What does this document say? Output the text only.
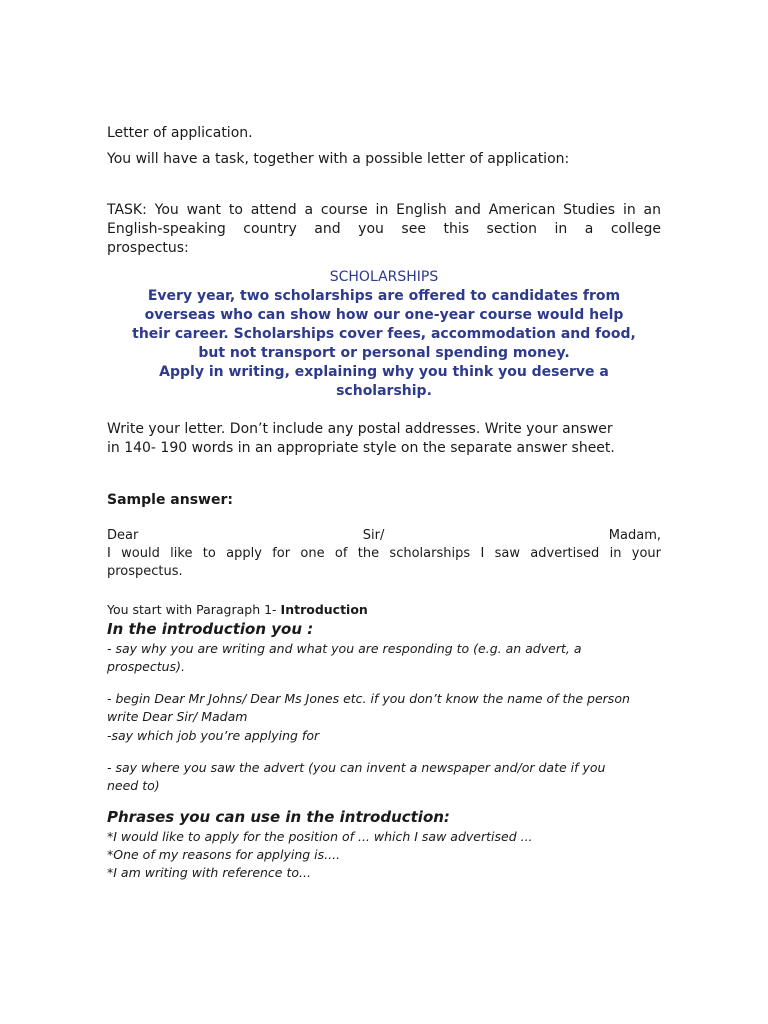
Letter of application.

You will have a task, together with a possible letter of application:

TASK: You want to attend a course in English and American Studies in an

English-speaking country and you see this section in a college

prospectus:

SCHOLARSHIPS

Every year, two scholarships are offered to candidates from

overseas who can show how our one-year course would help

their career. Scholarships cover fees, accommodation and food,

but not transport or personal spending money.

Apply in writing, explaining why you think you deserve a

scholarship.

Write your letter. Don’t include any postal addresses. Write your answer

in 140- 190 words in an appropriate style on the separate answer sheet.

Sample answer:

Dear	Sir/	Madam,

I would like to apply for one of the scholarships I saw advertised in your

prospectus.

You start with Paragraph 1- Introduction

In the introduction you :

- say why you are writing and what you are responding to (e.g. an advert, a

prospectus).

- begin Dear Mr Johns/ Dear Ms Jones etc. if you don’t know the name of the person

write Dear Sir/ Madam

-say which job you’re applying for

- say where you saw the advert (you can invent a newspaper and/or date if you

need to)

Phrases you can use in the introduction:

*I would like to apply for the position of ... which I saw advertised ...

*One of my reasons for applying is....

*I am writing with reference to...
